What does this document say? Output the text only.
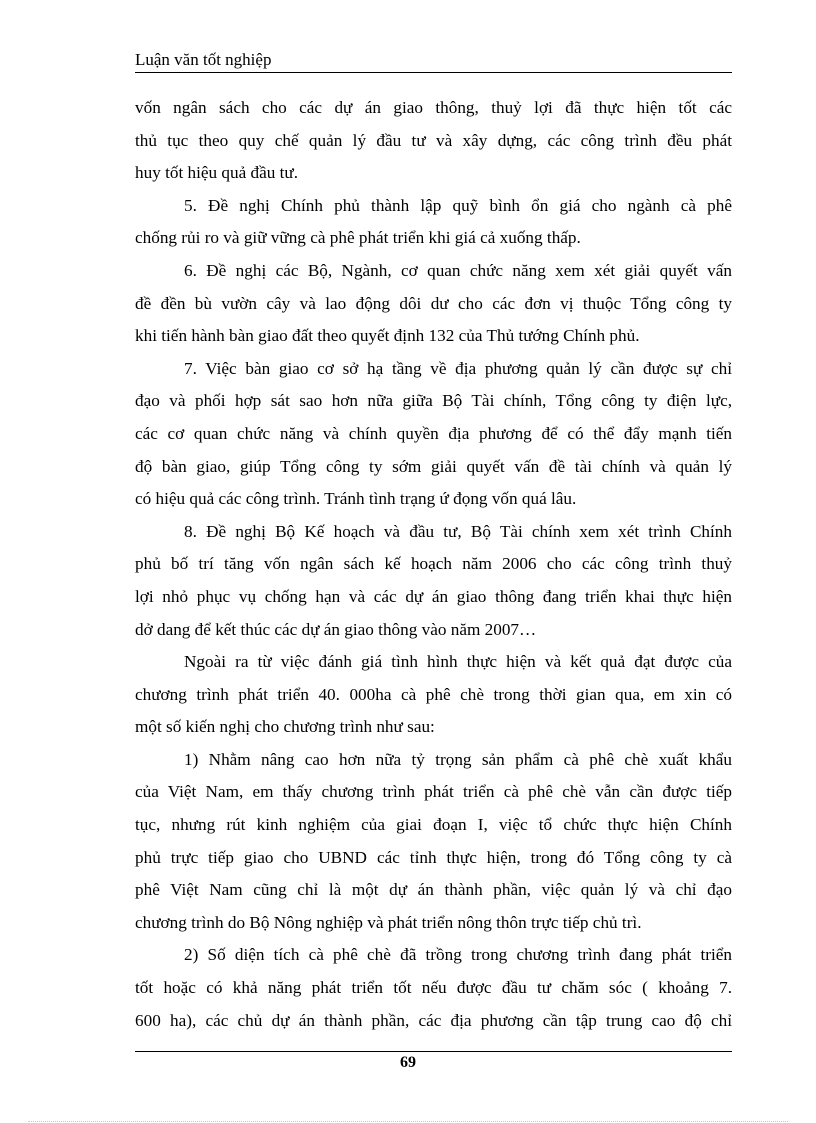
Luận văn tốt nghiệp
vốn ngân sách cho các dự án giao thông, thuỷ lợi đã thực hiện tốt các
thủ tục theo quy chế quản lý đầu tư và xây dựng, các công trình đều phát
huy tốt hiệu quả đầu tư.
5. Đề nghị Chính phủ thành lập quỹ bình ổn giá cho ngành cà phê
chống rủi ro và giữ vững cà phê phát triển khi giá cả xuống thấp.
6. Đề nghị các Bộ, Ngành, cơ quan chức năng xem xét giải quyết vấn
đề đền bù vườn cây và lao động dôi dư cho các đơn vị thuộc Tổng công ty
khi tiến hành bàn giao đất theo quyết định 132 của Thủ tướng Chính phủ.
7. Việc bàn giao cơ sở hạ tầng về địa phương quản lý cần được sự chỉ
đạo và phối hợp sát sao hơn nữa giữa Bộ Tài chính, Tổng công ty điện lực,
các cơ quan chức năng và chính quyền địa phương để có thể đẩy mạnh tiến
độ bàn giao, giúp Tổng công ty sớm giải quyết vấn đề tài chính và quản lý
có hiệu quả các công trình. Tránh tình trạng ứ đọng vốn quá lâu.
8. Đề nghị Bộ Kế hoạch và đầu tư, Bộ Tài chính xem xét trình Chính
phủ bố trí tăng vốn ngân sách kế hoạch năm 2006 cho các công trình thuỷ
lợi nhỏ phục vụ chống hạn và các dự án giao thông đang triển khai thực hiện
dở dang để kết thúc các dự án giao thông vào năm 2007…
Ngoài ra từ việc đánh giá tình hình thực hiện và kết quả đạt được của
chương trình phát triển 40. 000ha cà phê chè trong thời gian qua, em xin có
một số kiến nghị cho chương trình như sau:
1) Nhằm nâng cao hơn nữa tỷ trọng sản phẩm cà phê chè xuất khẩu
của Việt Nam, em thấy chương trình phát triển cà phê chè vẫn cần được tiếp
tục, nhưng rút kinh nghiệm của giai đoạn I, việc tổ chức thực hiện Chính
phủ trực tiếp giao cho UBND các tỉnh thực hiện, trong đó Tổng công ty cà
phê Việt Nam cũng chỉ là một dự án thành phần, việc quản lý và chỉ đạo
chương trình do Bộ Nông nghiệp và phát triển nông thôn trực tiếp chủ trì.
2) Số diện tích cà phê chè đã trồng trong chương trình đang phát triển
tốt hoặc có khả năng phát triển tốt nếu được đầu tư chăm sóc ( khoảng 7.
600 ha), các chủ dự án thành phần, các địa phương cần tập trung cao độ chỉ
69
